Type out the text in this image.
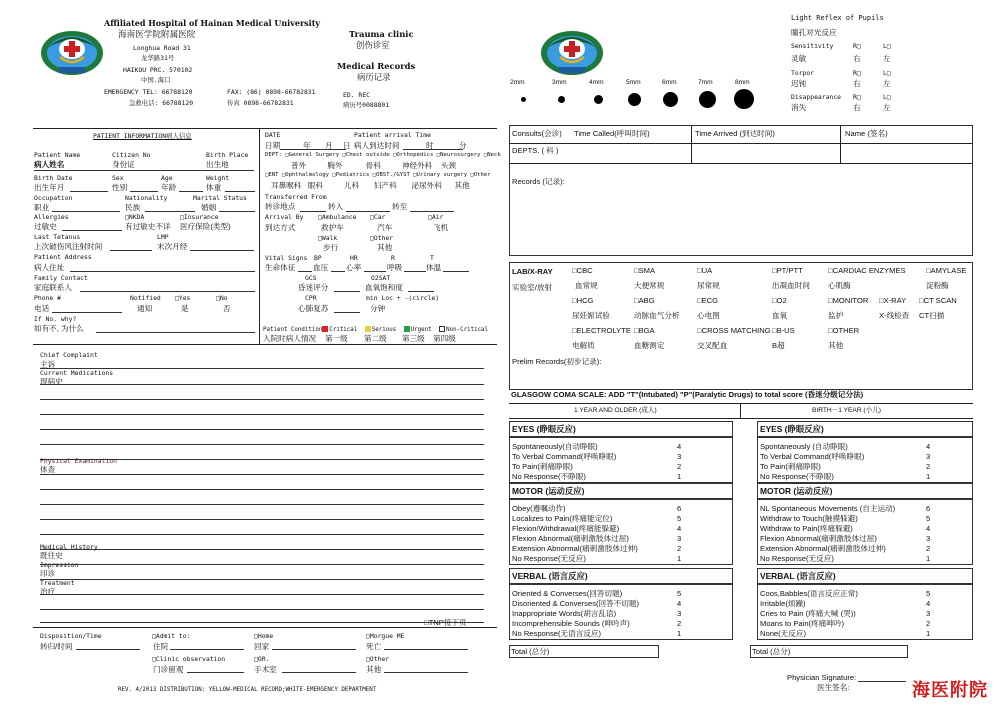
Affiliated Hospital of Hainan Medical University
海南医学院附属医院
Longhua Road 31
龙华路31号
HAIKOU PRC. 570102
中国.海口
EMERGENCY TEL: 66788120
急救电话: 66788120
FAX: (86) 0898-66782831
传真 0898-66782831
Trauma clinic
创伤诊室
Medical Records
病历记录
ED. REC
病历号0088801
PATIENT INFORMATION病人信息
Patient Name	Citizen No	Birth Place
病人姓名	身份证	出生地
Birth Date	Sex	Age	Weight
出生年月	性别	年龄	体重
Occupation	Nationality	Marital Status
职业	民族	婚姻
Allergies	□NKDA	□Insurance
过敏史	有过敏史不详 医疗保险(类型)
Last Tetanus	LMP
上次破伤风注射时间	末次月经
Patient Address
病人住址
Family Contact
家庭联系人
Phone #	Notified □Yes	□No
电话	通知	是	否
If No. why?
如有不, 为什么
DATE	Patient arrival Time
日期	年 月 日 病人到达时间	时	分
DEPT: □General Surgery □Chest outside □Orthopedics □Neurosurgery □Neck
普外          胸外           骨科          神经外科    头颈
□ENT □Ophthalmology □Pediatrics □OBST./GYST □Urinary surgery □Other
耳鼻喉科   眼科          儿科       妇产科       泌尿外科      其他
Transferred From
转诊地点	转入	转至
Arrival By □Ambulance □Car	□Air
到达方式	救护车	汽车	飞机
□Walk	□Other
步行	其他
Vital Signs BP	HR	R	T
生命体征 血压 心率	呼吸	体温
GCS	O2SAT
昏迷评分	血氧饱和度
CPR	min Loc + -(circle)
心肺复苏	分钟
Patient Condition Critical	Serious	Urgent	Non-Critical
入院时病人情况 第一级 第二级 第三级 第四级
Chief Complaint
主诉
Current Medications
现病史
Physical Examination
体查
Medical History
既往史
Impression
印诊
Treatment
治疗
□TNP接下页
Disposition/Time
转归/时间
□Admit to:
住院
□Home
回家
□Morgue ME
死亡
□Clinic observation
门诊留观
□OR.
手术室
□Other
其他
REV. 4/2013 DISTRIBUTION: YELLOW-MEDICAL RECORD;WHITE-EMERGENCY DEPARTMENT
2mm	3mm	4mm	5mm	6mm	7mm	8mm
Light Reflex of Pupils
瞳孔对光反应
Sensitivity	R□	L□
灵敏	右	左
Torpor	R□	L□
迟钝	右	左
Disappearance R□	L□
消失	右	左
Consults(会诊) Time Called(呼叫时间)	Time Arrived (到达时间)	Name (签名)
DEPTS. ( 科 )
Records (记录):
LAB/X-RAY
实验室/放射
□CBC	□SMA	□UA	□PT/PTT	□CARDIAC ENZYMES	□AMYLASE
血常规	大便常规	尿常规	出凝血时间 心肌酶	淀粉酶
□HCG	□ABG	□ECG	□O2	□MONITOR □X-RAY □CT SCAN
尿妊娠试验	动脉血气分析 心电图	血氧	监护	X-线检查 CT扫描
□ELECTROLYTE □BGA	□CROSS MATCHING □B-US	□OTHER
电解质	血糖测定	交叉配血	B超	其他
Prelim Records(初步记录):
GLASGOW COMA SCALE: ADD "T"(Intubated) "P"(Paralytic Drugs) to total score (昏迷分级记分法)
1 YEAR AND OLDER (成人)	BIRTH－1 YEAR (小儿)
EYES (睁眼反应)
Spontaneously(自动睁眼)	4
To Verbal Command(呼唤睁眼)	3
To Pain(刺痛睁眼)	2
No Response(不睁眼)	1
MOTOR (运动反应)
Obey(遵嘱动作)	6
Localizes to Pain(疼痛能定位)	5
Flexion/Withdrawal(疼痛能躲避)	4
Flexion Abnormal(痛刺激肢体过屈)	3
Extension Abnormal(痛刺激肢体过伸)	2
No Response(无反应)	1
VERBAL (语言反应)
Oriented & Converses(回答切题)	5
Disoriented & Converses(回答不切题)	4
Inappropriate Words(胡言乱语)	3
Incomprehensible Sounds (呻吟声)	2
No Response(无语言反应)	1
EYES (睁眼反应)
Spontaneously (自动睁眼)	4
To Verbal Command(呼唤睁眼)	3
To Pain(刺痛睁眼)	2
No Response(不睁眼)	1
MOTOR (运动反应)
NL Spontaneous Movements (自主运动)	6
Withdraw to Touch(触摸躲避)	5
Withdraw to Pain(疼痛躲避)	4
Flexion Abnormal(痛刺激肢体过屈)	3
Extension Abnormal(痛刺激肢体过伸)	2
No Response(无反应)	1
VERBAL (语言反应)
Coos,Babbles(语言反应正常)	5
Irritable(烦躁)	4
Cries to Pain (疼痛大喊 (哭))	3
Moans to Pain(疼痛呻吟)	2
None(无反应)	1
Total (总分)	Total (总分)
Physician Signature:
医生签名:	海医附院
